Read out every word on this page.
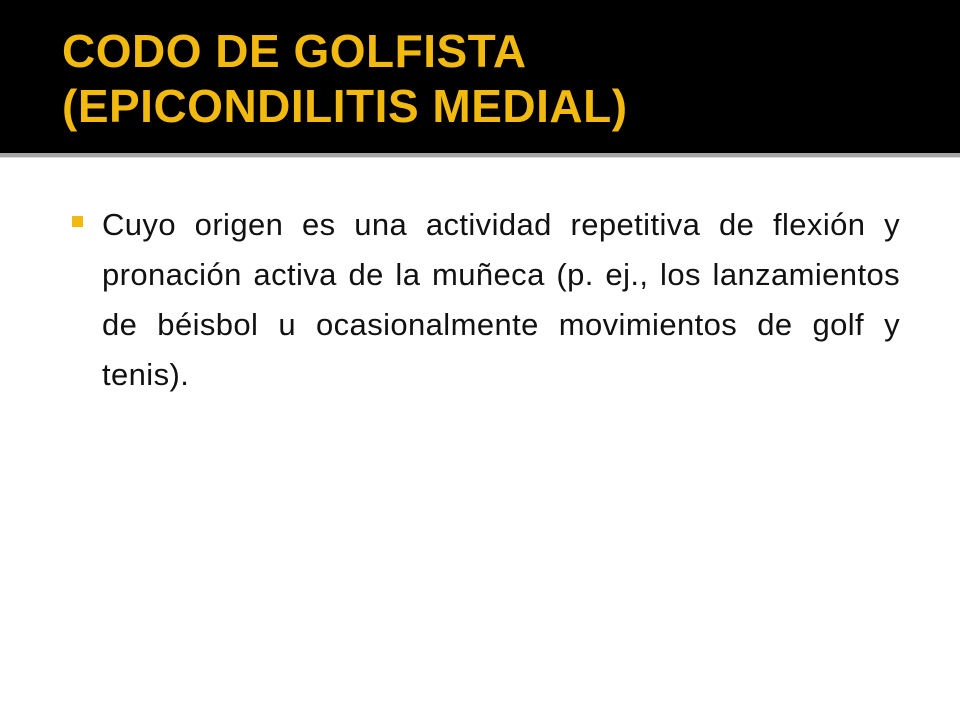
CODO DE GOLFISTA
(EPICONDILITIS MEDIAL)

Cuyo origen es una actividad repetitiva de flexión y pronación activa de la muñeca (p. ej., los lanzamientos de béisbol u ocasionalmente movimientos de golf y tenis).
